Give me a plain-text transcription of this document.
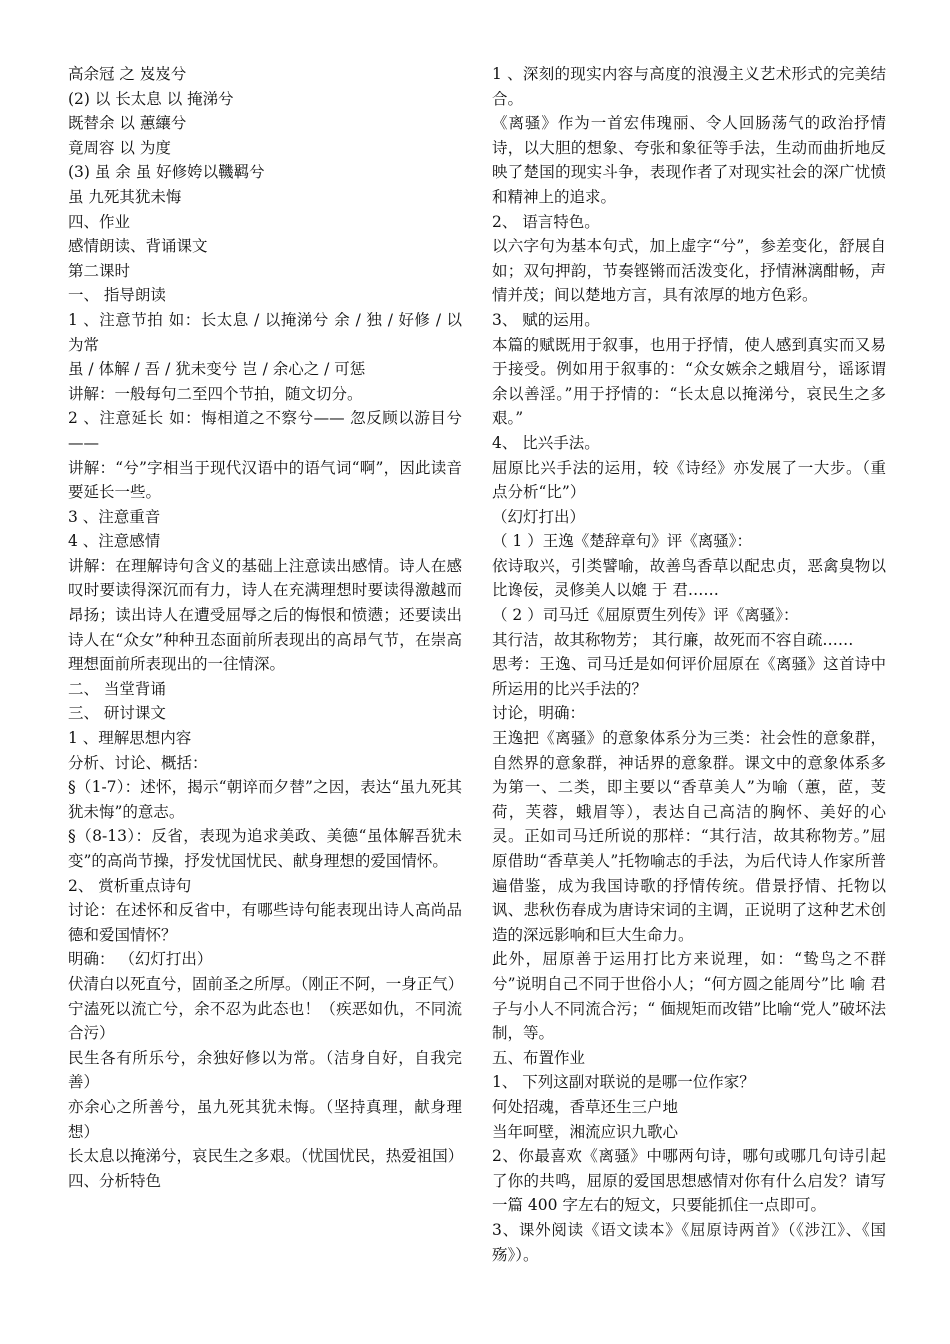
高余冠 之 岌岌兮

(2) 以 长太息 以 掩涕兮

既替余 以 蕙纕兮

竟周容 以 为度

(3) 虽 余 虽 好修姱以鞿羁兮

虽 九死其犹未悔

四、作业

感情朗读、背诵课文

第二课时

一、 指导朗读

1 、注意节拍 如：长太息 / 以掩涕兮 余 / 独 / 好修 / 以为常

虽 / 体解 / 吾 / 犹未变兮 岂 / 余心之 / 可惩

讲解：一般每句二至四个节拍，随文切分。

2 、注意延长 如：悔相道之不察兮—— 忽反顾以游目兮——

讲解：“兮”字相当于现代汉语中的语气词“啊”，因此读音要延长一些。

3 、注意重音

4 、注意感情

讲解：在理解诗句含义的基础上注意读出感情。诗人在感叹时要读得深沉而有力，诗人在充满理想时要读得激越而昂扬；读出诗人在遭受屈辱之后的悔恨和愤懑；还要读出诗人在“众女”种种丑态面前所表现出的高昂气节，在崇高理想面前所表现出的一往情深。

二、 当堂背诵

三、 研讨课文

1 、理解思想内容

分析、讨论、概括：

§（1-7）：述怀，揭示“朝谇而夕替”之因，表达“虽九死其犹未悔”的意志。

§（8-13）：反省，表现为追求美政、美德“虽体解吾犹未变”的高尚节操，抒发忧国忧民、献身理想的爱国情怀。

2、 赏析重点诗句

讨论：在述怀和反省中，有哪些诗句能表现出诗人高尚品德和爱国情怀？

明确： （幻灯打出）

伏清白以死直兮，固前圣之所厚。（刚正不阿，一身正气）

宁溘死以流亡兮，余不忍为此态也！（疾恶如仇，不同流合污）

民生各有所乐兮，余独好修以为常。（洁身自好，自我完善）

亦余心之所善兮，虽九死其犹未悔。（坚持真理，献身理想）

长太息以掩涕兮，哀民生之多艰。（忧国忧民，热爱祖国）

四、分析特色

1 、深刻的现实内容与高度的浪漫主义艺术形式的完美结合。

《离骚》作为一首宏伟瑰丽、令人回肠荡气的政治抒情诗，以大胆的想象、夸张和象征等手法，生动而曲折地反映了楚国的现实斗争，表现作者了对现实社会的深广忧愤和精神上的追求。

2、 语言特色。

以六字句为基本句式，加上虚字“兮”，参差变化，舒展自如；双句押韵，节奏铿锵而活泼变化，抒情淋漓酣畅，声情并茂；间以楚地方言，具有浓厚的地方色彩。

3、 赋的运用。

本篇的赋既用于叙事，也用于抒情，使人感到真实而又易于接受。例如用于叙事的：“众女嫉余之蛾眉兮，谣诼谓余以善淫。”用于抒情的：“长太息以掩涕兮，哀民生之多艰。”

4、 比兴手法。

屈原比兴手法的运用，较《诗经》亦发展了一大步。（重点分析“比”）

（幻灯打出）

（ 1 ）王逸《楚辞章句》评《离骚》：

依诗取兴，引类譬喻，故善鸟香草以配忠贞，恶禽臭物以比谗佞，灵修美人以媲 于 君……

（ 2 ）司马迁《屈原贾生列传》评《离骚》：

其行洁，故其称物芳； 其行廉，故死而不容自疏……

思考：王逸、司马迁是如何评价屈原在《离骚》这首诗中所运用的比兴手法的？

讨论，明确：

王逸把《离骚》的意象体系分为三类：社会性的意象群，自然界的意象群，神话界的意象群。课文中的意象体系多为第一、二类，即主要以“香草美人”为喻（蕙，茝，芰荷，芙蓉，蛾眉等），表达自己高洁的胸怀、美好的心灵。正如司马迁所说的那样：“其行洁，故其称物芳。”屈原借助“香草美人”托物喻志的手法，为后代诗人作家所普遍借鉴，成为我国诗歌的抒情传统。借景抒情、托物以讽、悲秋伤春成为唐诗宋词的主调，正说明了这种艺术创造的深远影响和巨大生命力。

此外，屈原善于运用打比方来说理，如：“鸷鸟之不群兮”说明自己不同于世俗小人；“何方圆之能周兮”比 喻 君子与小人不同流合污；“ 偭规矩而改错”比喻“党人”破坏法制，等。

五、布置作业

1、 下列这副对联说的是哪一位作家？

何处招魂，香草还生三户地

当年呵壁，湘流应识九歌心

2、你最喜欢《离骚》中哪两句诗，哪句或哪几句诗引起了你的共鸣，屈原的爱国思想感情对你有什么启发？请写一篇 400 字左右的短文，只要能抓住一点即可。

3、课外阅读《语文读本》《屈原诗两首》（《涉江》、《国殇》）。
